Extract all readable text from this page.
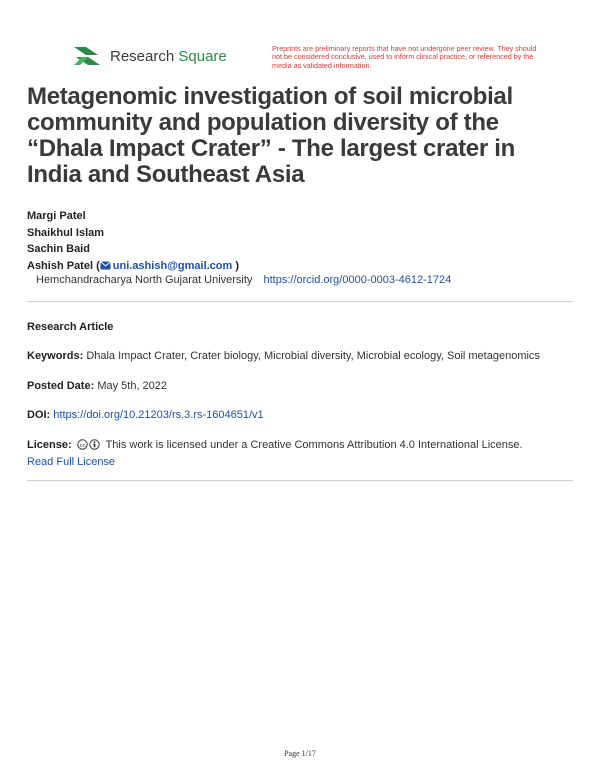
Research Square	Preprints are preliminary reports that have not undergone peer review. They should not be considered conclusive, used to inform clinical practice, or referenced by the media as validated information.
Metagenomic investigation of soil microbial community and population diversity of the “Dhala Impact Crater” - The largest crater in India and Southeast Asia
Margi Patel
Shaikhul Islam
Sachin Baid
Ashish Patel ( uni.ashish@gmail.com )
Hemchandracharya North Gujarat University https://orcid.org/0000-0003-4612-1724
Research Article
Keywords: Dhala Impact Crater, Crater biology, Microbial diversity, Microbial ecology, Soil metagenomics
Posted Date: May 5th, 2022
DOI: https://doi.org/10.21203/rs.3.rs-1604651/v1
License: cc This work is licensed under a Creative Commons Attribution 4.0 International License.
Read Full License
Page 1/17
